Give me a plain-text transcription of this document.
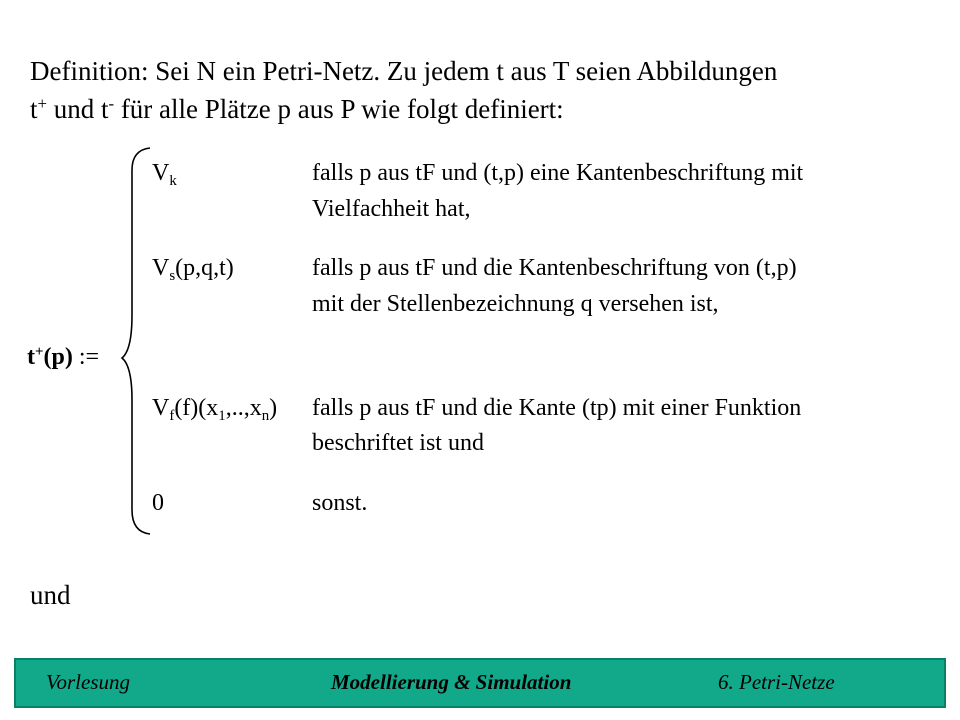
Definition: Sei N ein Petri-Netz. Zu jedem t aus T seien Abbildungen
t+ und t- für alle Plätze p aus P wie folgt definiert:
t+(p) :=
$V_k$	falls p aus tF und (t,p) eine Kantenbeschriftung mit
Vielfachheit hat,
$V_s(p,q,t)$	falls p aus tF und die Kantenbeschriftung von (t,p)
mit der Stellenbezeichnung q versehen ist,
$V_f(f)(x_1,..,x_n)$ falls p aus tF und die Kante (tp) mit einer Funktion
beschriftet ist und
0	sonst.
und
Vorlesung	Modellierung & Simulation	6. Petri-Netze
